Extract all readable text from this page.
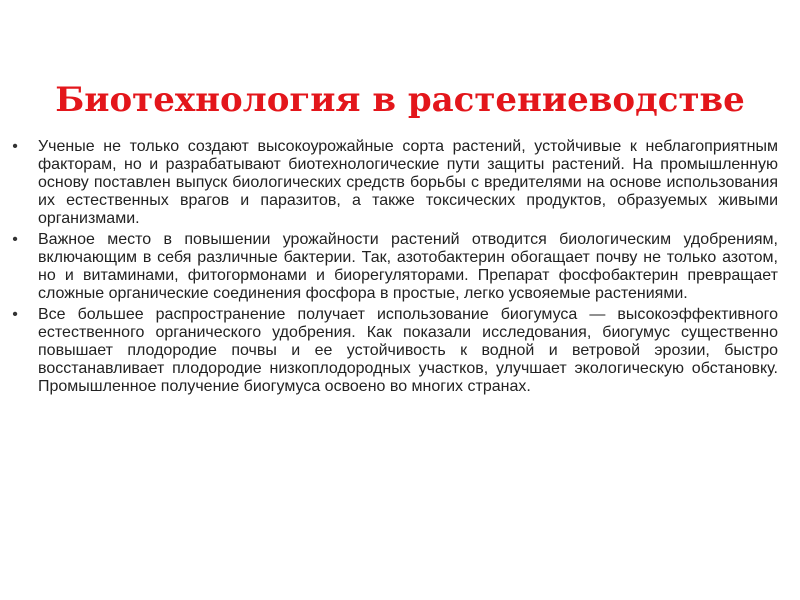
Биотехнология в растениеводстве
• Ученые не только создают высокоурожайные сорта растений, устойчивые к неблагоприятным факторам, но и разрабатывают биотехнологические пути защиты растений. На промышленную основу поставлен выпуск биологических средств борьбы с вредителями на основе использования их естественных врагов и паразитов, а также токсических продуктов, образуемых живыми организмами.
• Важное место в повышении урожайности растений отводится биологическим удобрениям, включающим в себя различные бактерии. Так, азотобактерин обогащает почву не только азотом, но и витаминами, фитогормонами и биорегуляторами. Препарат фосфобактерин превращает сложные органические соединения фосфора в простые, легко усвояемые растениями.
• Все большее распространение получает использование биогумуса — высокоэффективного естественного органического удобрения. Как показали исследования, биогумус существенно повышает плодородие почвы и ее устойчивость к водной и ветровой эрозии, быстро восстанавливает плодородие низкоплодородных участков, улучшает экологическую обстановку. Промышленное получение биогумуса освоено во многих странах.
